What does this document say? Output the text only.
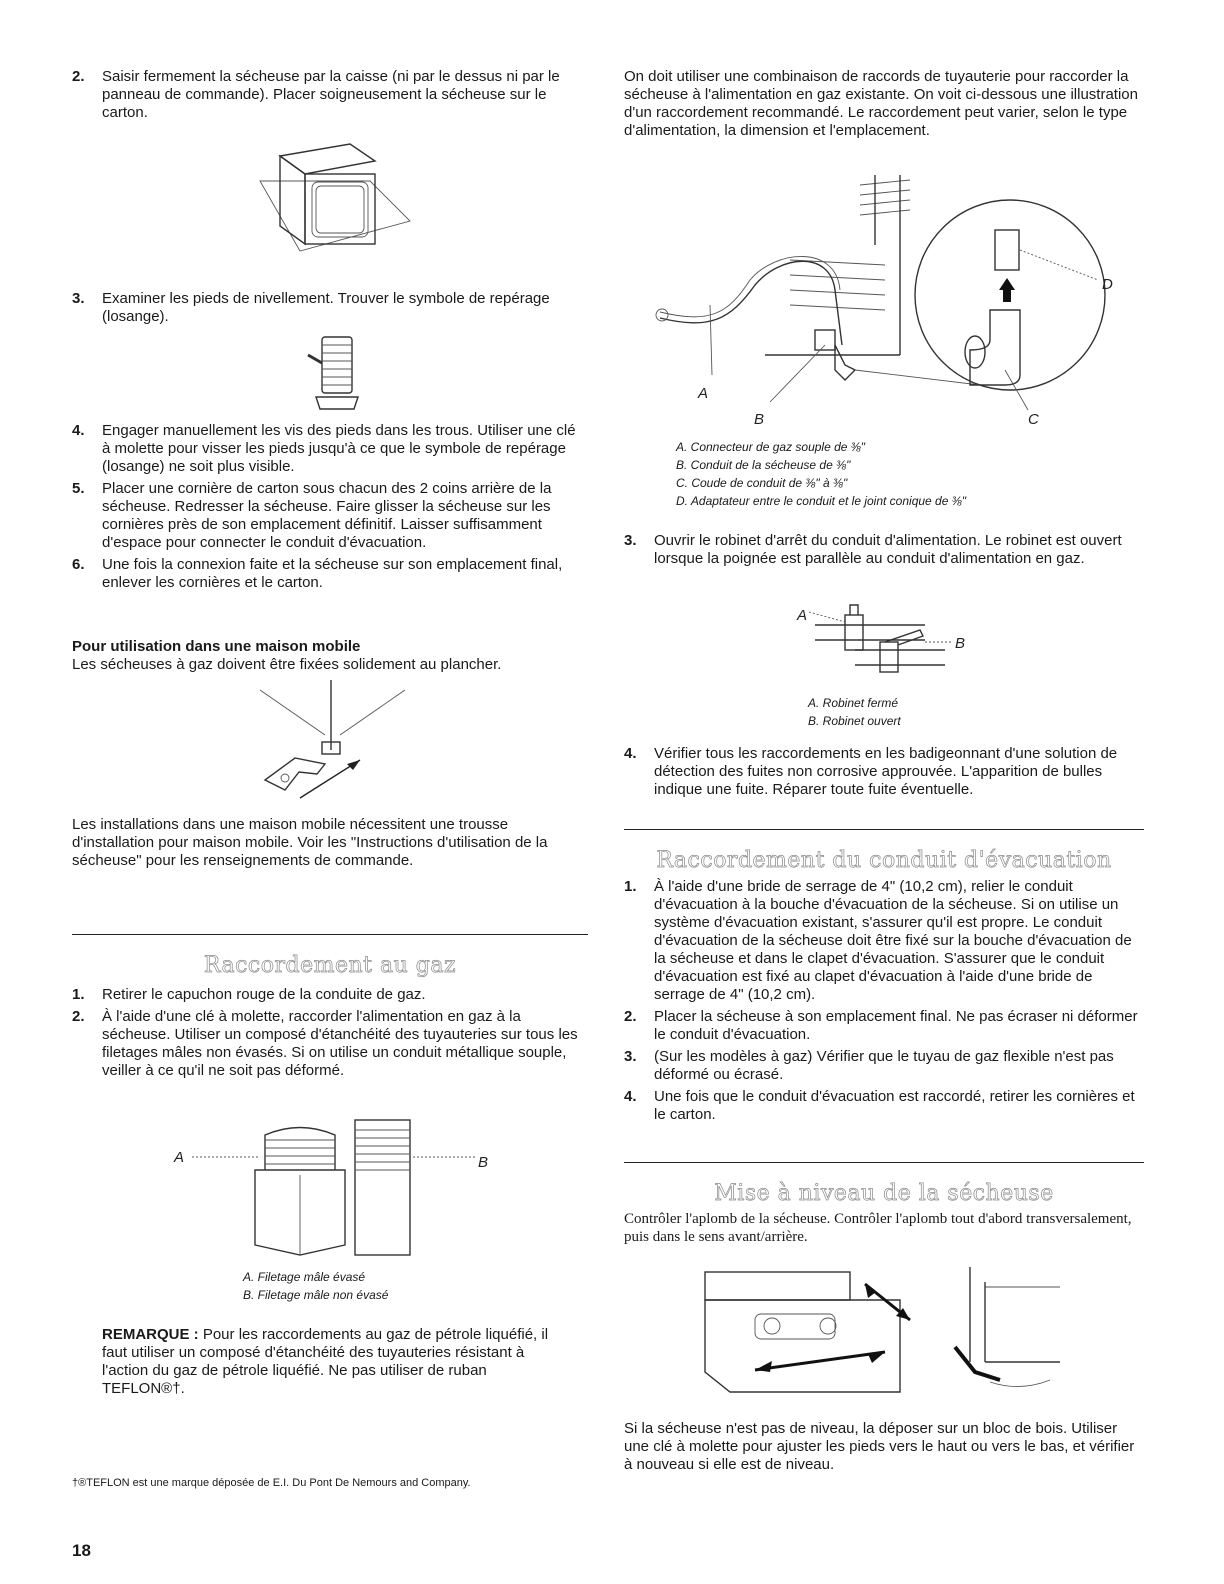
2. Saisir fermement la sécheuse par la caisse (ni par le dessus ni par le panneau de commande). Placer soigneusement la sécheuse sur le carton.
3. Examiner les pieds de nivellement. Trouver le symbole de repérage (losange).
4. Engager manuellement les vis des pieds dans les trous. Utiliser une clé à molette pour visser les pieds jusqu'à ce que le symbole de repérage (losange) ne soit plus visible.
5. Placer une cornière de carton sous chacun des 2 coins arrière de la sécheuse. Redresser la sécheuse. Faire glisser la sécheuse sur les cornières près de son emplacement définitif. Laisser suffisamment d'espace pour connecter le conduit d'évacuation.
6. Une fois la connexion faite et la sécheuse sur son emplacement final, enlever les cornières et le carton.

Pour utilisation dans une maison mobile

Les sécheuses à gaz doivent être fixées solidement au plancher.

Les installations dans une maison mobile nécessitent une trousse d'installation pour maison mobile. Voir les "Instructions d'utilisation de la sécheuse" pour les renseignements de commande.

Raccordement au gaz
1. Retirer le capuchon rouge de la conduite de gaz.
2. À l'aide d'une clé à molette, raccorder l'alimentation en gaz à la sécheuse. Utiliser un composé d'étanchéité des tuyauteries sur tous les filetages mâles non évasés. Si on utilise un conduit métallique souple, veiller à ce qu'il ne soit pas déformé.
A	B
A. Filetage mâle évasé
B. Filetage mâle non évasé

REMARQUE : Pour les raccordements au gaz de pétrole liquéfié, il faut utiliser un composé d'étanchéité des tuyauteries résistant à l'action du gaz de pétrole liquéfié. Ne pas utiliser de ruban TEFLON®†.

†®TEFLON est une marque déposée de E.I. Du Pont De Nemours and Company.
18

On doit utiliser une combinaison de raccords de tuyauterie pour raccorder la sécheuse à l'alimentation en gaz existante. On voit ci-dessous une illustration d'un raccordement recommandé. Le raccordement peut varier, selon le type d'alimentation, la dimension et l'emplacement.

A
B	C
D
A. Connecteur de gaz souple de ⅜"
B. Conduit de la sécheuse de ⅜"
C. Coude de conduit de ⅜" à ⅜"
D. Adaptateur entre le conduit et le joint conique de ⅜"
3. Ouvrir le robinet d'arrêt du conduit d'alimentation. Le robinet est ouvert lorsque la poignée est parallèle au conduit d'alimentation en gaz.
A
B
A. Robinet fermé
B. Robinet ouvert
4. Vérifier tous les raccordements en les badigeonnant d'une solution de détection des fuites non corrosive approuvée. L'apparition de bulles indique une fuite. Réparer toute fuite éventuelle.
Raccordement du conduit d'évacuation
1. À l'aide d'une bride de serrage de 4" (10,2 cm), relier le conduit d'évacuation à la bouche d'évacuation de la sécheuse. Si on utilise un système d'évacuation existant, s'assurer qu'il est propre. Le conduit d'évacuation de la sécheuse doit être fixé sur la bouche d'évacuation de la sécheuse et dans le clapet d'évacuation. S'assurer que le conduit d'évacuation est fixé au clapet d'évacuation à l'aide d'une bride de serrage de 4" (10,2 cm).
2. Placer la sécheuse à son emplacement final. Ne pas écraser ni déformer le conduit d'évacuation.
3. (Sur les modèles à gaz) Vérifier que le tuyau de gaz flexible n'est pas déformé ou écrasé.
4. Une fois que le conduit d'évacuation est raccordé, retirer les cornières et le carton.
Mise à niveau de la sécheuse

Contrôler l'aplomb de la sécheuse. Contrôler l'aplomb tout d'abord transversalement, puis dans le sens avant/arrière.

Si la sécheuse n'est pas de niveau, la déposer sur un bloc de bois. Utiliser une clé à molette pour ajuster les pieds vers le haut ou vers le bas, et vérifier à nouveau si elle est de niveau.
